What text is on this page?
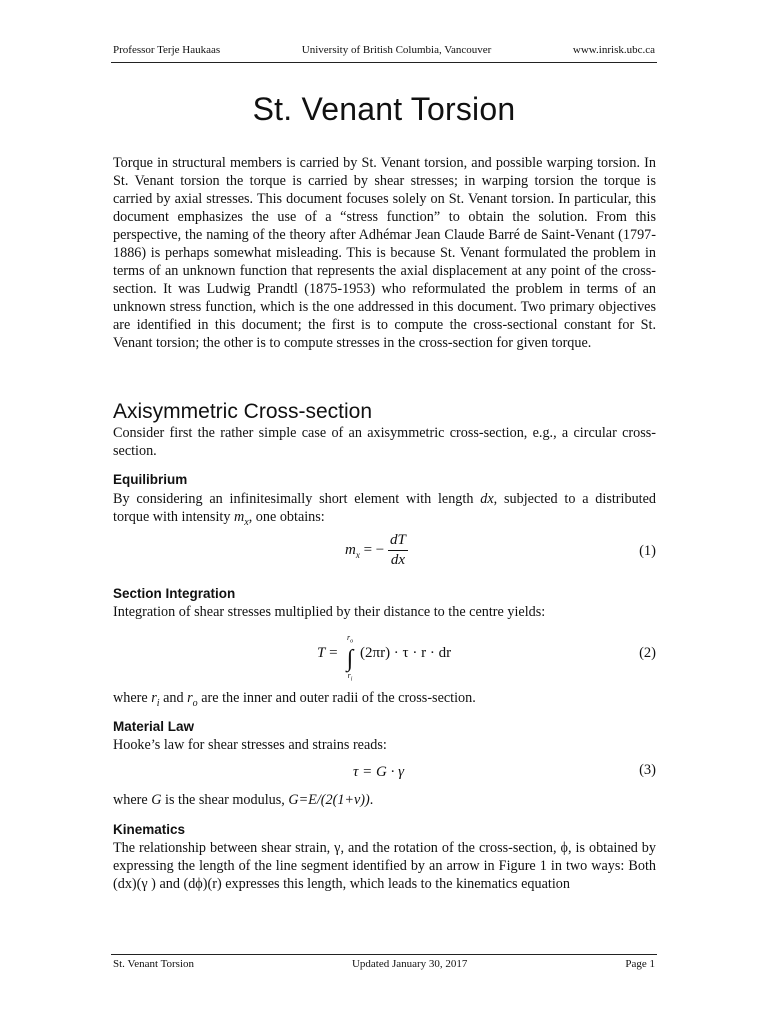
Professor Terje Haukaas	University of British Columbia, Vancouver	www.inrisk.ubc.ca
St. Venant Torsion
Torque in structural members is carried by St. Venant torsion, and possible warping torsion. In St. Venant torsion the torque is carried by shear stresses; in warping torsion the torque is carried by axial stresses. This document focuses solely on St. Venant torsion. In particular, this document emphasizes the use of a “stress function” to obtain the solution. From this perspective, the naming of the theory after Adhémar Jean Claude Barré de Saint-Venant (1797-1886) is perhaps somewhat misleading. This is because St. Venant formulated the problem in terms of an unknown function that represents the axial displacement at any point of the cross-section. It was Ludwig Prandtl (1875-1953) who reformulated the problem in terms of an unknown stress function, which is the one addressed in this document. Two primary objectives are identified in this document; the first is to compute the cross-sectional constant for St. Venant torsion; the other is to compute stresses in the cross-section for given torque.
Axisymmetric Cross-section
Consider first the rather simple case of an axisymmetric cross-section, e.g., a circular cross-section.
Equilibrium
By considering an infinitesimally short element with length dx, subjected to a distributed torque with intensity $m_x$, one obtains:
$m_x$ = − $\frac{dT}{dx}$	(1)
Section Integration
Integration of shear stresses multiplied by their distance to the centre yields:
T =
$r_o$
∫
$r_i$
(2πr) · τ · r · dr	(2)
where $r_i$ and $r_o$ are the inner and outer radii of the cross-section.
Material Law
Hooke’s law for shear stresses and strains reads:
τ = G · γ	(3)
where G is the shear modulus, G=E/(2(1+ν)).
Kinematics
The relationship between shear strain, γ, and the rotation of the cross-section, ϕ, is obtained by expressing the length of the line segment identified by an arrow in Figure 1 in two ways: Both (dx)(γ ) and (dϕ)(r) expresses this length, which leads to the kinematics equation
St. Venant Torsion	Updated January 30, 2017	Page 1
